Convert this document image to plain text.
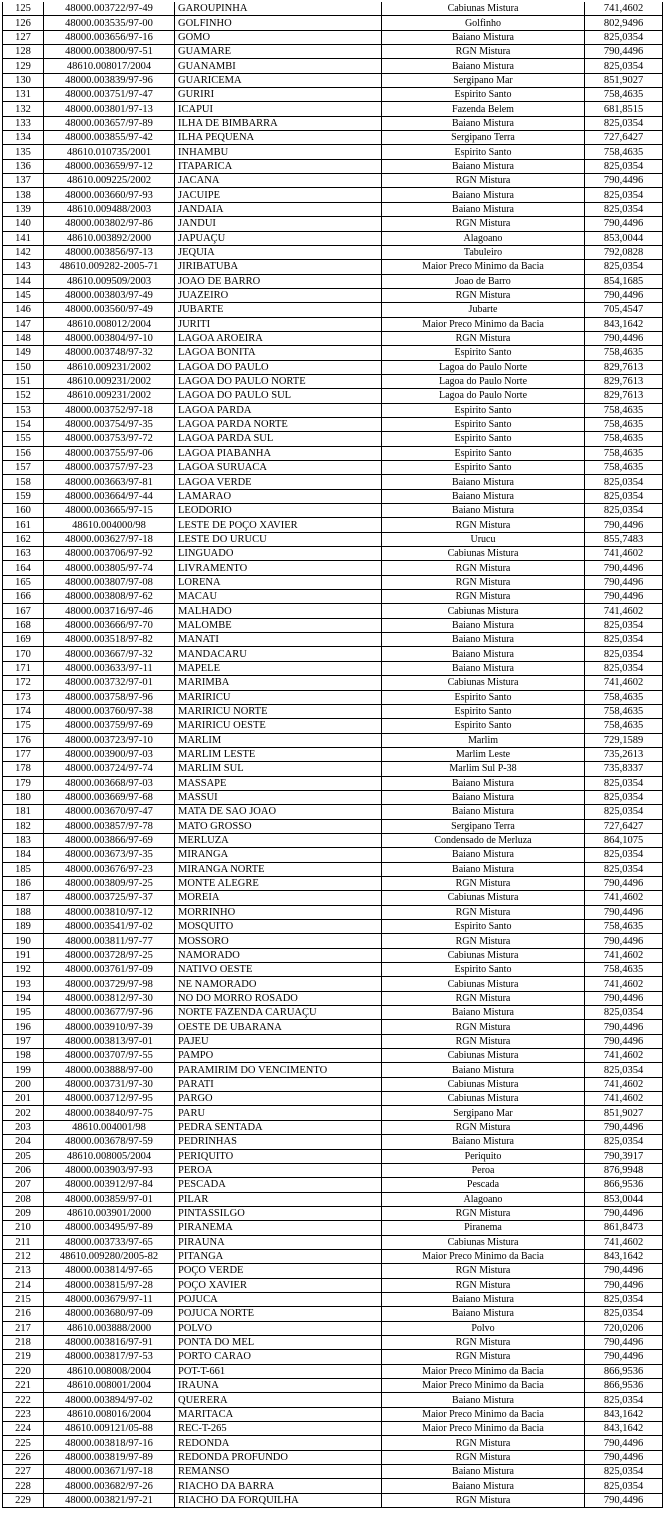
125	48000.003722/97-49	GAROUPINHA	Cabiunas Mistura	741,4602
126	48000.003535/97-00	GOLFINHO	Golfinho	802,9496
127	48000.003656/97-16	GOMO	Baiano Mistura	825,0354
128	48000.003800/97-51	GUAMARE	RGN Mistura	790,4496
129	48610.008017/2004	GUANAMBI	Baiano Mistura	825,0354
130	48000.003839/97-96	GUARICEMA	Sergipano Mar	851,9027
131	48000.003751/97-47	GURIRI	Espirito Santo	758,4635
132	48000.003801/97-13	ICAPUI	Fazenda Belem	681,8515
133	48000.003657/97-89	ILHA DE BIMBARRA	Baiano Mistura	825,0354
134	48000.003855/97-42	ILHA PEQUENA	Sergipano Terra	727,6427
135	48610.010735/2001	INHAMBU	Espirito Santo	758,4635
136	48000.003659/97-12	ITAPARICA	Baiano Mistura	825,0354
137	48610.009225/2002	JACANA	RGN Mistura	790,4496
138	48000.003660/97-93	JACUIPE	Baiano Mistura	825,0354
139	48610.009488/2003	JANDAIA	Baiano Mistura	825,0354
140	48000.003802/97-86	JANDUI	RGN Mistura	790,4496
141	48610.003892/2000	JAPUAÇU	Alagoano	853,0044
142	48000.003856/97-13	JEQUIA	Tabuleiro	792,0828
143	48610.009282-2005-71	JIRIBATUBA	Maior Preco Minimo da Bacia	825,0354
144	48610.009509/2003	JOAO DE BARRO	Joao de Barro	854,1685
145	48000.003803/97-49	JUAZEIRO	RGN Mistura	790,4496
146	48000.003560/97-49	JUBARTE	Jubarte	705,4547
147	48610.008012/2004	JURITI	Maior Preco Minimo da Bacia	843,1642
148	48000.003804/97-10	LAGOA AROEIRA	RGN Mistura	790,4496
149	48000.003748/97-32	LAGOA BONITA	Espirito Santo	758,4635
150	48610.009231/2002	LAGOA DO PAULO	Lagoa do Paulo Norte	829,7613
151	48610.009231/2002	LAGOA DO PAULO NORTE	Lagoa do Paulo Norte	829,7613
152	48610.009231/2002	LAGOA DO PAULO SUL	Lagoa do Paulo Norte	829,7613
153	48000.003752/97-18	LAGOA PARDA	Espirito Santo	758,4635
154	48000.003754/97-35	LAGOA PARDA NORTE	Espirito Santo	758,4635
155	48000.003753/97-72	LAGOA PARDA SUL	Espirito Santo	758,4635
156	48000.003755/97-06	LAGOA PIABANHA	Espirito Santo	758,4635
157	48000.003757/97-23	LAGOA SURUACA	Espirito Santo	758,4635
158	48000.003663/97-81	LAGOA VERDE	Baiano Mistura	825,0354
159	48000.003664/97-44	LAMARAO	Baiano Mistura	825,0354
160	48000.003665/97-15	LEODORIO	Baiano Mistura	825,0354
161	48610.004000/98	LESTE DE POÇO XAVIER	RGN Mistura	790,4496
162	48000.003627/97-18	LESTE DO URUCU	Urucu	855,7483
163	48000.003706/97-92	LINGUADO	Cabiunas Mistura	741,4602
164	48000.003805/97-74	LIVRAMENTO	RGN Mistura	790,4496
165	48000.003807/97-08	LORENA	RGN Mistura	790,4496
166	48000.003808/97-62	MACAU	RGN Mistura	790,4496
167	48000.003716/97-46	MALHADO	Cabiunas Mistura	741,4602
168	48000.003666/97-70	MALOMBE	Baiano Mistura	825,0354
169	48000.003518/97-82	MANATI	Baiano Mistura	825,0354
170	48000.003667/97-32	MANDACARU	Baiano Mistura	825,0354
171	48000.003633/97-11	MAPELE	Baiano Mistura	825,0354
172	48000.003732/97-01	MARIMBA	Cabiunas Mistura	741,4602
173	48000.003758/97-96	MARIRICU	Espirito Santo	758,4635
174	48000.003760/97-38	MARIRICU NORTE	Espirito Santo	758,4635
175	48000.003759/97-69	MARIRICU OESTE	Espirito Santo	758,4635
176	48000.003723/97-10	MARLIM	Marlim	729,1589
177	48000.003900/97-03	MARLIM LESTE	Marlim Leste	735,2613
178	48000.003724/97-74	MARLIM SUL	Marlim Sul P-38	735,8337
179	48000.003668/97-03	MASSAPE	Baiano Mistura	825,0354
180	48000.003669/97-68	MASSUI	Baiano Mistura	825,0354
181	48000.003670/97-47	MATA DE SAO JOAO	Baiano Mistura	825,0354
182	48000.003857/97-78	MATO GROSSO	Sergipano Terra	727,6427
183	48000.003866/97-69	MERLUZA	Condensado de Merluza	864,1075
184	48000.003673/97-35	MIRANGA	Baiano Mistura	825,0354
185	48000.003676/97-23	MIRANGA NORTE	Baiano Mistura	825,0354
186	48000.003809/97-25	MONTE ALEGRE	RGN Mistura	790,4496
187	48000.003725/97-37	MOREIA	Cabiunas Mistura	741,4602
188	48000.003810/97-12	MORRINHO	RGN Mistura	790,4496
189	48000.003541/97-02	MOSQUITO	Espirito Santo	758,4635
190	48000.003811/97-77	MOSSORO	RGN Mistura	790,4496
191	48000.003728/97-25	NAMORADO	Cabiunas Mistura	741,4602
192	48000.003761/97-09	NATIVO OESTE	Espirito Santo	758,4635
193	48000.003729/97-98	NE NAMORADO	Cabiunas Mistura	741,4602
194	48000.003812/97-30	NO DO MORRO ROSADO	RGN Mistura	790,4496
195	48000.003677/97-96	NORTE FAZENDA CARUAÇU	Baiano Mistura	825,0354
196	48000.003910/97-39	OESTE DE UBARANA	RGN Mistura	790,4496
197	48000.003813/97-01	PAJEU	RGN Mistura	790,4496
198	48000.003707/97-55	PAMPO	Cabiunas Mistura	741,4602
199	48000.003888/97-00	PARAMIRIM DO VENCIMENTO	Baiano Mistura	825,0354
200	48000.003731/97-30	PARATI	Cabiunas Mistura	741,4602
201	48000.003712/97-95	PARGO	Cabiunas Mistura	741,4602
202	48000.003840/97-75	PARU	Sergipano Mar	851,9027
203	48610.004001/98	PEDRA SENTADA	RGN Mistura	790,4496
204	48000.003678/97-59	PEDRINHAS	Baiano Mistura	825,0354
205	48610.008005/2004	PERIQUITO	Periquito	790,3917
206	48000.003903/97-93	PEROA	Peroa	876,9948
207	48000.003912/97-84	PESCADA	Pescada	866,9536
208	48000.003859/97-01	PILAR	Alagoano	853,0044
209	48610.003901/2000	PINTASSILGO	RGN Mistura	790,4496
210	48000.003495/97-89	PIRANEMA	Piranema	861,8473
211	48000.003733/97-65	PIRAUNA	Cabiunas Mistura	741,4602
212	48610.009280/2005-82	PITANGA	Maior Preco Minimo da Bacia	843,1642
213	48000.003814/97-65	POÇO VERDE	RGN Mistura	790,4496
214	48000.003815/97-28	POÇO XAVIER	RGN Mistura	790,4496
215	48000.003679/97-11	POJUCA	Baiano Mistura	825,0354
216	48000.003680/97-09	POJUCA NORTE	Baiano Mistura	825,0354
217	48610.003888/2000	POLVO	Polvo	720,0206
218	48000.003816/97-91	PONTA DO MEL	RGN Mistura	790,4496
219	48000.003817/97-53	PORTO CARAO	RGN Mistura	790,4496
220	48610.008008/2004	POT-T-661	Maior Preco Minimo da Bacia	866,9536
221	48610.008001/2004	IRAUNA	Maior Preco Minimo da Bacia	866,9536
222	48000.003894/97-02	QUERERA	Baiano Mistura	825,0354
223	48610.008016/2004	MARITACA	Maior Preco Minimo da Bacia	843,1642
224	48610.009121/05-88	REC-T-265	Maior Preco Minimo da Bacia	843,1642
225	48000.003818/97-16	REDONDA	RGN Mistura	790,4496
226	48000.003819/97-89	REDONDA PROFUNDO	RGN Mistura	790,4496
227	48000.003671/97-18	REMANSO	Baiano Mistura	825,0354
228	48000.003682/97-26	RIACHO DA BARRA	Baiano Mistura	825,0354
229	48000.003821/97-21	RIACHO DA FORQUILHA	RGN Mistura	790,4496
